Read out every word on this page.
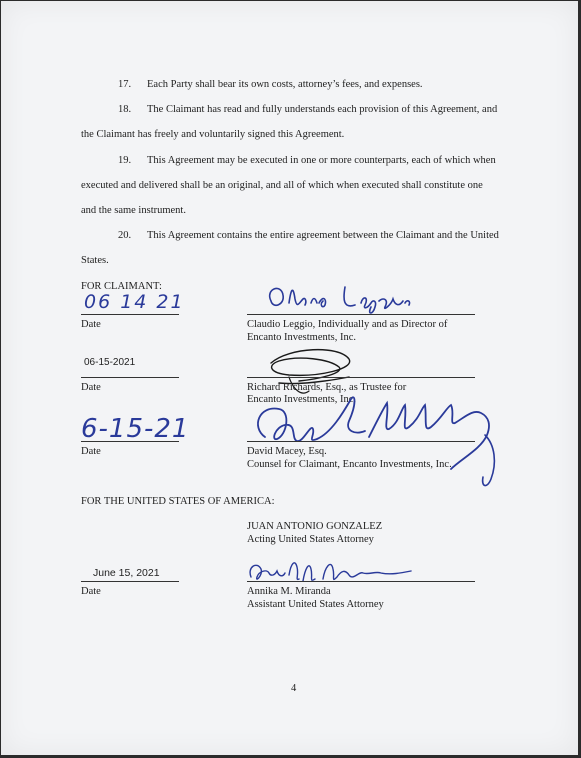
17. Each Party shall bear its own costs, attorney’s fees, and expenses.
18. The Claimant has read and fully understands each provision of this Agreement, and
the Claimant has freely and voluntarily signed this Agreement.
19. This Agreement may be executed in one or more counterparts, each of which when
executed and delivered shall be an original, and all of which when executed shall constitute one
and the same instrument.
20. This Agreement contains the entire agreement between the Claimant and the United
States.
FOR CLAIMANT:
06 14 21
Date	Claudio Leggio, Individually and as Director of
Encanto Investments, Inc.
06-15-2021
Date	Richard Richards, Esq., as Trustee for
Encanto Investments, Inc.
6-15-21
Date	David Macey, Esq.
Counsel for Claimant, Encanto Investments, Inc.
FOR THE UNITED STATES OF AMERICA:
JUAN ANTONIO GONZALEZ
Acting United States Attorney
June 15, 2021
Date	Annika M. Miranda
Assistant United States Attorney
4
